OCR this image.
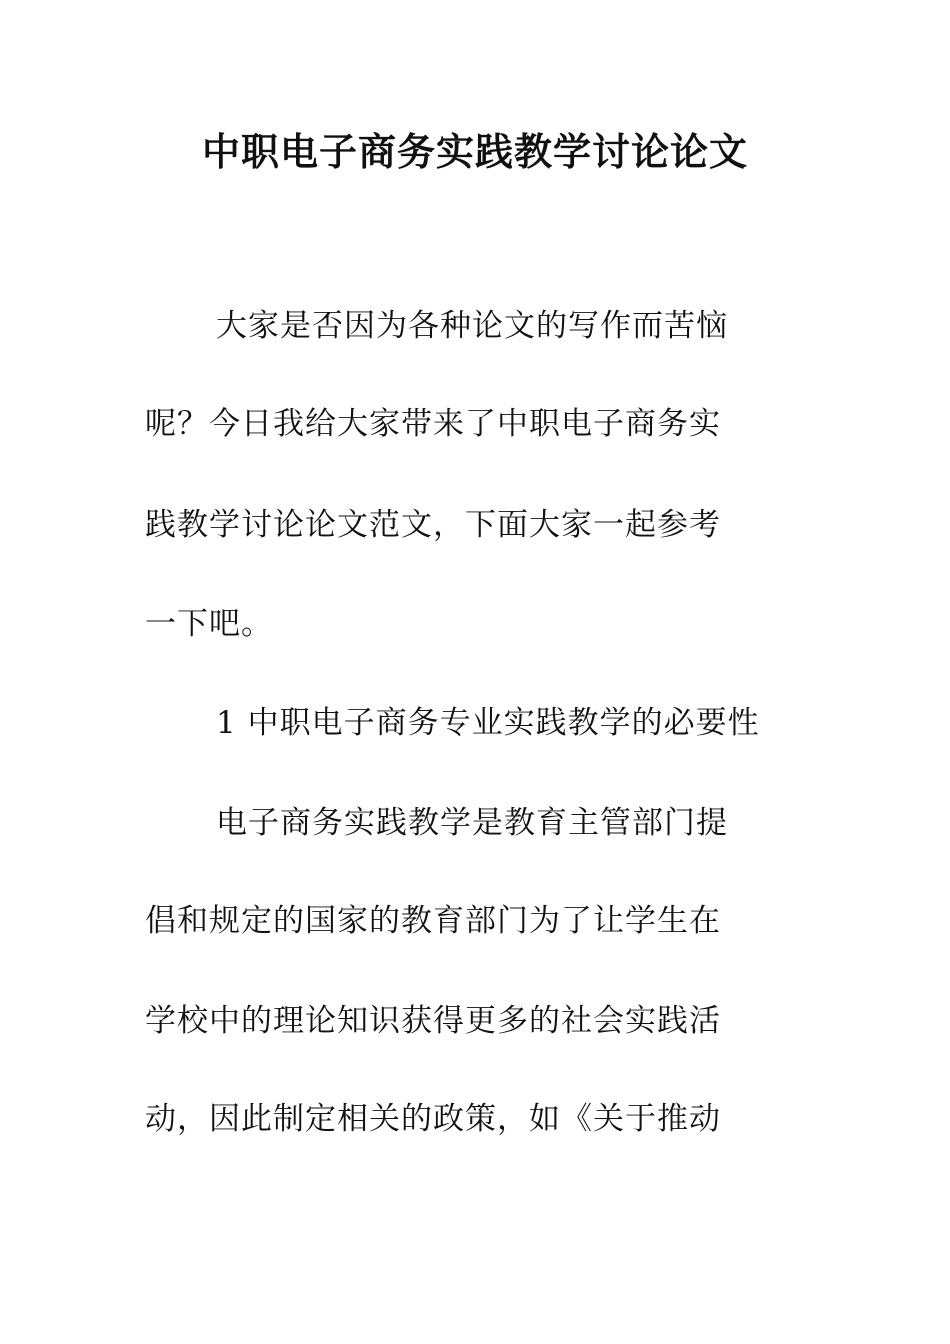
中职电子商务实践教学讨论论文
大家是否因为各种论文的写作而苦恼
呢？今日我给大家带来了中职电子商务实
践教学讨论论文范文，下面大家一起参考
一下吧。
1 中职电子商务专业实践教学的必要性
电子商务实践教学是教育主管部门提
倡和规定的国家的教育部门为了让学生在
学校中的理论知识获得更多的社会实践活
动，因此制定相关的政策，如《关于推动
